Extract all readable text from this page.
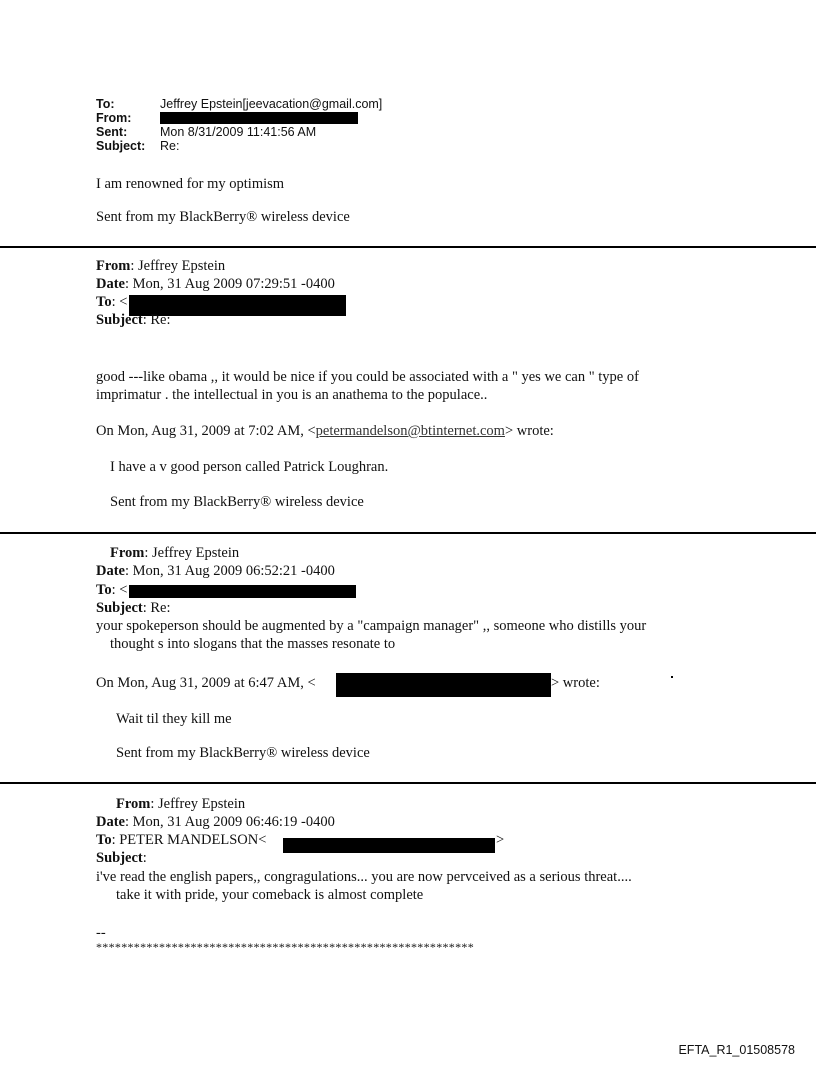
To:	Jeffrey Epstein[jeevacation@gmail.com]
From:
Sent:	Mon 8/31/2009 11:41:56 AM
Subject: Re:
I am renowned for my optimism
Sent from my BlackBerry® wireless device
From: Jeffrey Epstein
Date: Mon, 31 Aug 2009 07:29:51 -0400
To: <
Subject: Re:
good ---like obama ,, it would be nice if you could be associated with a " yes we can " type of
imprimatur . the intellectual in you is an anathema to the populace..
On Mon, Aug 31, 2009 at 7:02 AM, <petermandelson@btinternet.com> wrote:
I have a v good person called Patrick Loughran.
Sent from my BlackBerry® wireless device
From: Jeffrey Epstein
Date: Mon, 31 Aug 2009 06:52:21 -0400
To: <
Subject: Re:
your spokeperson should be augmented by a "campaign manager" ,, someone who distills your
thought s into slogans that the masses resonate to
On Mon, Aug 31, 2009 at 6:47 AM, <	> wrote:
Wait til they kill me
Sent from my BlackBerry® wireless device
From: Jeffrey Epstein
Date: Mon, 31 Aug 2009 06:46:19 -0400
To: PETER MANDELSON<	>
Subject:
i've read the english papers,, congragulations... you are now pervceived as a serious threat....
take it with pride, your comeback is almost complete
--
************************************************************
EFTA_R1_01508578
